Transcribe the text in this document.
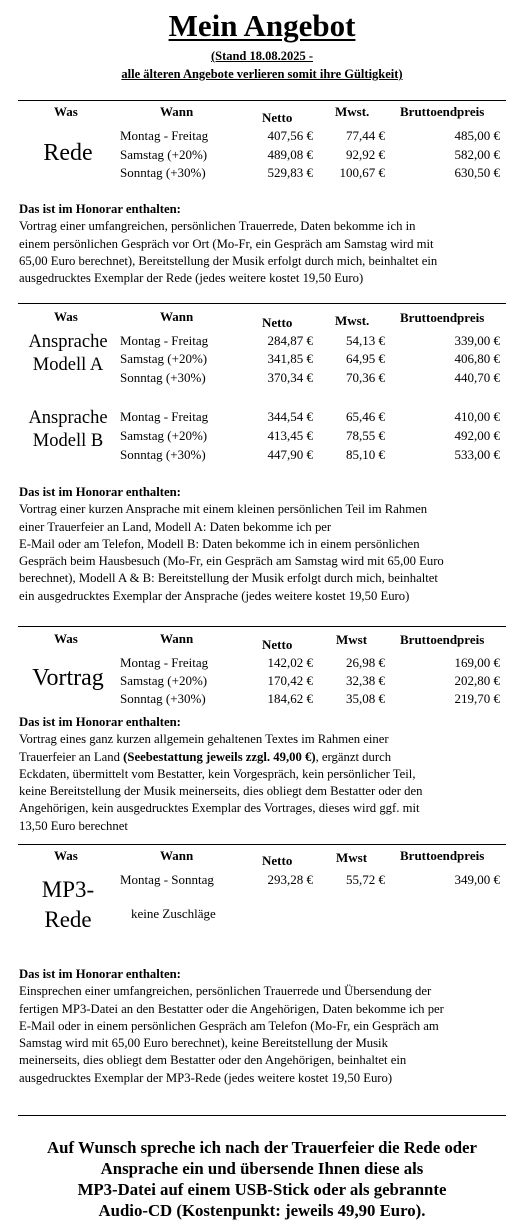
Mein Angebot
(Stand 18.08.2025 -
alle älteren Angebote verlieren somit ihre Gültigkeit)
Was	Wann	Netto	Mwst. Bruttoendpreis
Rede
Montag - Freitag	407,56 €	77,44 €	485,00 €
Samstag (+20%)	489,08 €	92,92 €	582,00 €
Sonntag (+30%)	529,83 €	100,67 €	630,50 €
Das ist im Honorar enthalten:

Vortrag einer umfangreichen, persönlichen Trauerrede, Daten bekomme ich in

einem persönlichen Gespräch vor Ort (Mo-Fr, ein Gespräch am Samstag wird mit

65,00 Euro berechnet), Bereitstellung der Musik erfolgt durch mich, beinhaltet ein

ausgedrucktes Exemplar der Rede (jedes weitere kostet 19,50 Euro)

Was	Wann	Netto	Mwst. Bruttoendpreis
Ansprache
Modell A
Montag - Freitag	284,87 €	54,13 €	339,00 €
Samstag (+20%)	341,85 €	64,95 €	406,80 €
Sonntag (+30%)	370,34 €	70,36 €	440,70 €
Ansprache
Modell B
Montag - Freitag	344,54 €	65,46 €	410,00 €
Samstag (+20%)	413,45 €	78,55 €	492,00 €
Sonntag (+30%)	447,90 €	85,10 €	533,00 €
Das ist im Honorar enthalten:

Vortrag einer kurzen Ansprache mit einem kleinen persönlichen Teil im Rahmen

einer Trauerfeier an Land, Modell A: Daten bekomme ich per

E-Mail oder am Telefon, Modell B: Daten bekomme ich in einem persönlichen

Gespräch beim Hausbesuch (Mo-Fr, ein Gespräch am Samstag wird mit 65,00 Euro

berechnet), Modell A & B: Bereitstellung der Musik erfolgt durch mich, beinhaltet

ein ausgedrucktes Exemplar der Ansprache (jedes weitere kostet 19,50 Euro)

Was	Wann	Netto	Mwst	Bruttoendpreis
Vortrag
Montag - Freitag	142,02 €	26,98 €	169,00 €
Samstag (+20%)	170,42 €	32,38 €	202,80 €
Sonntag (+30%)	184,62 €	35,08 €	219,70 €
Das ist im Honorar enthalten:

Vortrag eines ganz kurzen allgemein gehaltenen Textes im Rahmen einer

Trauerfeier an Land (Seebestattung jeweils zzgl. 49,00 €), ergänzt durch

Eckdaten, übermittelt vom Bestatter, kein Vorgespräch, kein persönlicher Teil,

keine Bereitstellung der Musik meinerseits, dies obliegt dem Bestatter oder den

Angehörigen, kein ausgedrucktes Exemplar des Vortrages, dieses wird ggf. mit

13,50 Euro berechnet

Was	Wann	Netto	Mwst	Bruttoendpreis
MP3-
Rede
Montag - Sonntag	293,28 €	55,72 €	349,00 €
keine Zuschläge
Das ist im Honorar enthalten:

Einsprechen einer umfangreichen, persönlichen Trauerrede und Übersendung der

fertigen MP3-Datei an den Bestatter oder die Angehörigen, Daten bekomme ich per

E-Mail oder in einem persönlichen Gespräch am Telefon (Mo-Fr, ein Gespräch am

Samstag wird mit 65,00 Euro berechnet), keine Bereitstellung der Musik

meinerseits, dies obliegt dem Bestatter oder den Angehörigen, beinhaltet ein

ausgedrucktes Exemplar der MP3-Rede (jedes weitere kostet 19,50 Euro)

Auf Wunsch spreche ich nach der Trauerfeier die Rede oder

Ansprache ein und übersende Ihnen diese als

MP3-Datei auf einem USB-Stick oder als gebrannte

Audio-CD (Kostenpunkt: jeweils 49,90 Euro).
